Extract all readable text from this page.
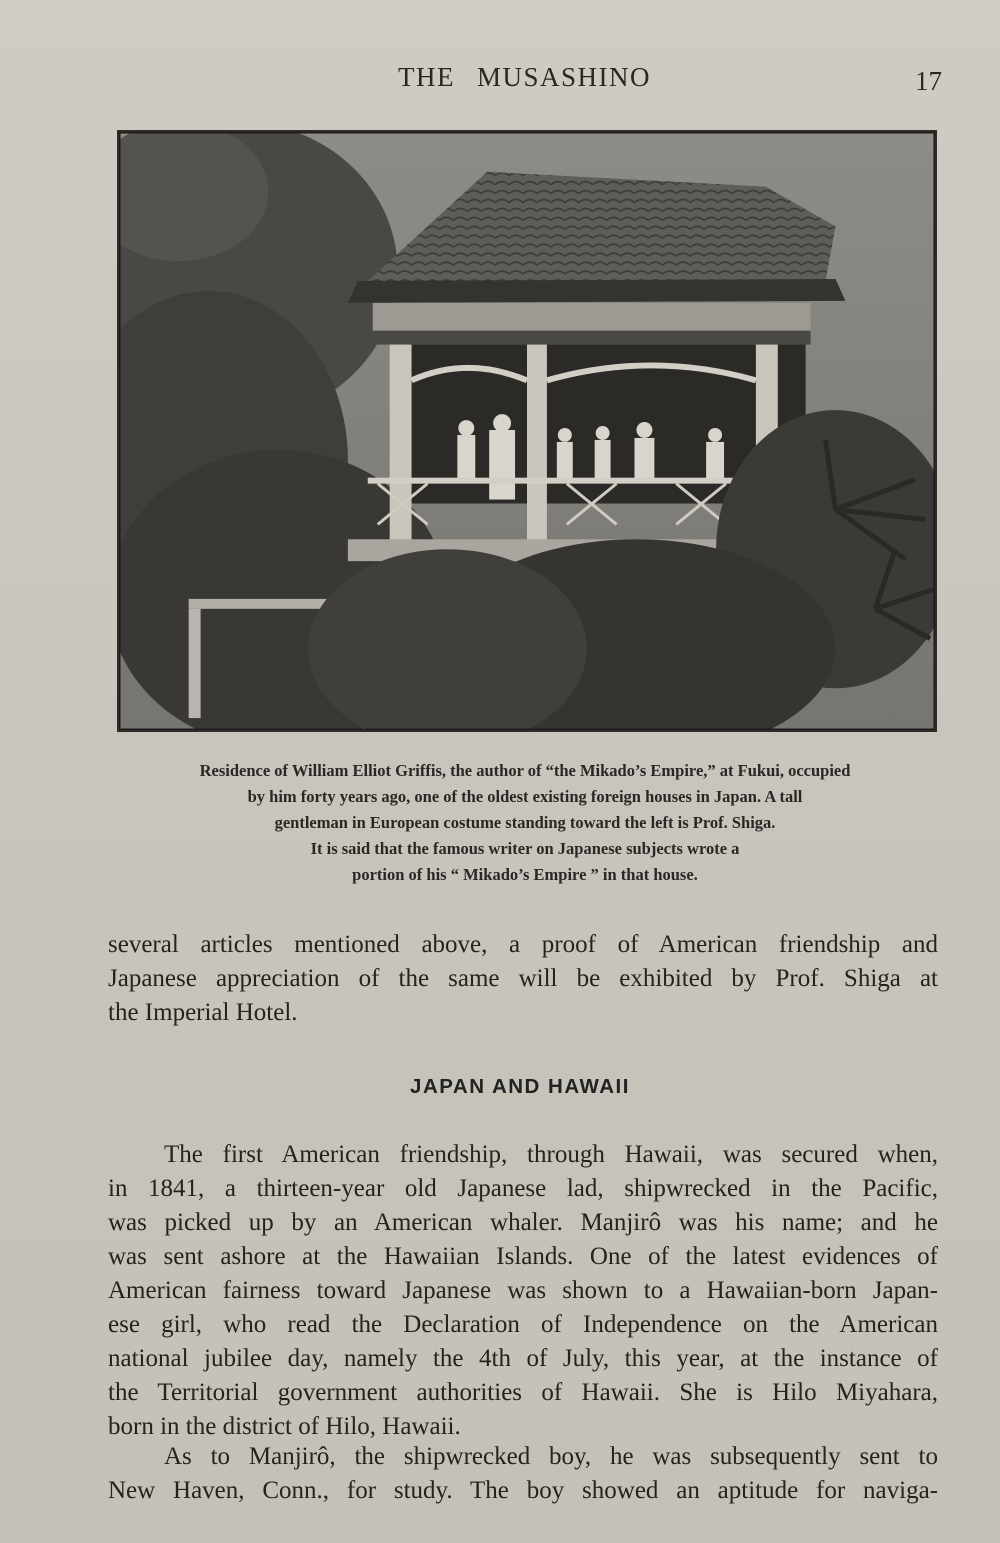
THE MUSASHINO	17
Residence of William Elliot Griffis, the author of “the Mikado’s Empire,” at Fukui, occupied
by him forty years ago, one of the oldest existing foreign houses in Japan. A tall
gentleman in European costume standing toward the left is Prof. Shiga.
It is said that the famous writer on Japanese subjects wrote a
portion of his “ Mikado’s Empire ” in that house.
several articles mentioned above, a proof of American friendship and
Japanese appreciation of the same will be exhibited by Prof. Shiga at
the Imperial Hotel.
JAPAN AND HAWAII
The first American friendship, through Hawaii, was secured when,
in 1841, a thirteen-year old Japanese lad, shipwrecked in the Pacific,
was picked up by an American whaler. Manjirô was his name; and he
was sent ashore at the Hawaiian Islands. One of the latest evidences of
American fairness toward Japanese was shown to a Hawaiian-born Japan-
ese girl, who read the Declaration of Independence on the American
national jubilee day, namely the 4th of July, this year, at the instance of
the Territorial government authorities of Hawaii. She is Hilo Miyahara,
born in the district of Hilo, Hawaii.
As to Manjirô, the shipwrecked boy, he was subsequently sent to
New Haven, Conn., for study. The boy showed an aptitude for naviga-
